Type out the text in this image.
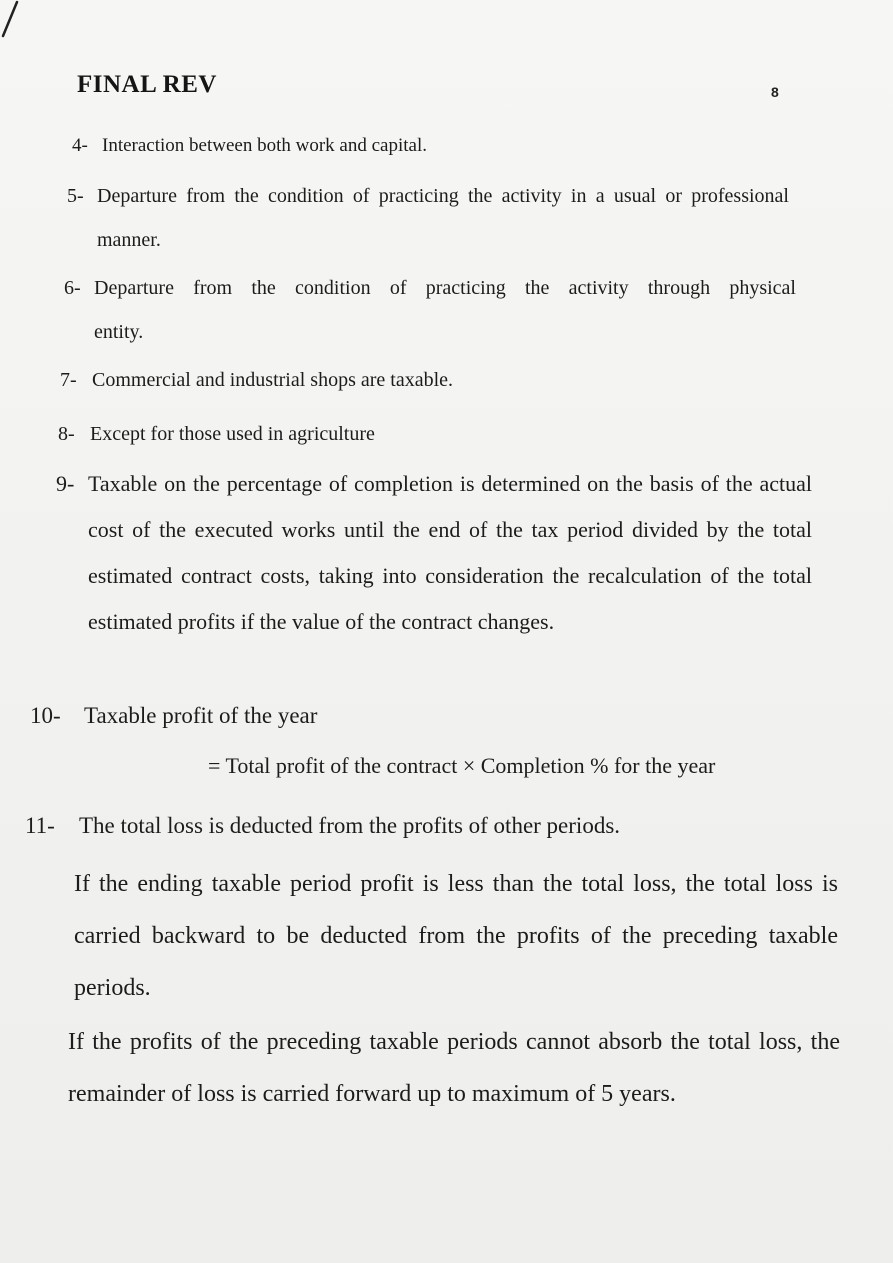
FINAL REV	8
4- Interaction between both work and capital.
5- Departure from the condition of practicing the activity in a usual or professional manner.
6- Departure from the condition of practicing the activity through physical entity.
7- Commercial and industrial shops are taxable.
8- Except for those used in agriculture
9- Taxable on the percentage of completion is determined on the basis of the actual cost of the executed works until the end of the tax period divided by the total estimated contract costs, taking into consideration the recalculation of the total estimated profits if the value of the contract changes.
10-	Taxable profit of the year
= Total profit of the contract × Completion % for the year
11-	The total loss is deducted from the profits of other periods.
If the ending taxable period profit is less than the total loss, the total loss is carried backward to be deducted from the profits of the preceding taxable periods.
If the profits of the preceding taxable periods cannot absorb the total loss, the remainder of loss is carried forward up to maximum of 5 years.
